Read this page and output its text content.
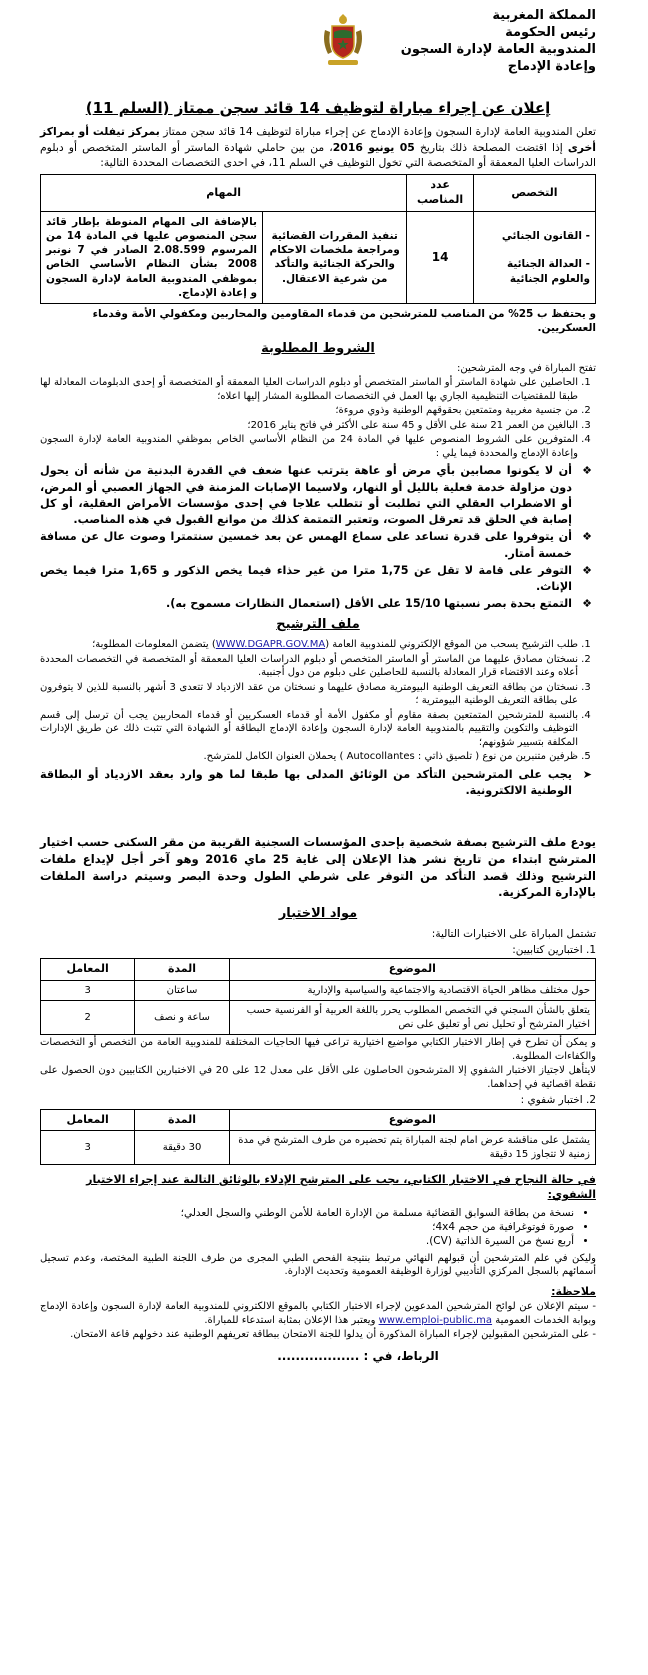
المملكة المغربية
رئيس الحكومة
المندوبية العامة لإدارة السجون
وإعادة الإدماج
إعلان عن إجراء مباراة لتوظيف 14 قائد سجن ممتاز (السلم 11)

تعلن المندوبية العامة لإدارة السجون وإعادة الإدماج عن إجراء مباراة لتوظيف 14 قائد سجن ممتاز بمركز تيفلت أو بمراكز أخرى إذا اقتضت المصلحة ذلك بتاريخ 05 يونيو 2016، من بين حاملي شهادة الماستر أو الماستر المتخصص أو دبلوم الدراسات العليا المعمقة أو المتخصصة التي تخول التوظيف في السلم 11، في احدى التخصصات المحددة التالية:

التخصص	عدد المناصب	المهام	
- القانون الجنائي

- العدالة الجنائية والعلوم الجنائية	14	تنفيذ المقررات القضائية ومراجعة ملخصات الاحكام والحركة الجنائية والتأكد من شرعية الاعتقال.	بالإضافة الى المهام المنوطة بإطار قائد سجن المنصوص عليها في المادة 14 من المرسوم 2.08.599 الصادر في 7 نونبر 2008 بشأن النظام الأساسي الخاص بموظفي المندوبية العامة لإدارة السجون و إعادة الإدماج.
و يحتفظ ب 25% من المناصب للمترشحين من قدماء المقاومين والمحاربين ومكفولي الأمة وقدماء العسكريين.
الشروط المطلوبة
تفتح المباراة في وجه المترشحين:
1. الحاصلين على شهادة الماستر أو الماستر المتخصص أو دبلوم الدراسات العليا المعمقة أو المتخصصة أو إحدى الدبلومات المعادلة لها طبقا للمقتضيات التنظيمية الجاري بها العمل في التخصصات المطلوبة المشار إليها اعلاه؛
2. من جنسية مغربية ومتمتعين بحقوقهم الوطنية وذوي مروءة؛
3. البالغين من العمر 21 سنة على الأقل و 45 سنة على الأكثر في فاتح يناير 2016؛
4. المتوفرين على الشروط المنصوص عليها في المادة 24 من النظام الأساسي الخاص بموظفي المندوبية العامة لإدارة السجون وإعادة الإدماج والمحددة فيما يلي :
❖
أن لا يكونوا مصابين بأي مرض أو عاهة يترتب عنها ضعف في القدرة البدنية من شأنه أن يحول دون مزاولة خدمة فعلية بالليل أو النهار، ولاسيما الإصابات المزمنة في الجهاز العصبي أو المرض، أو الاضطراب العقلي التي تطلبت أو تتطلب علاجا في إحدى مؤسسات الأمراض العقلية، أو كل إصابة في الحلق قد تعرقل الصوت، وتعتبر التمتمة كذلك من موانع القبول في هذه المناصب.
❖
أن يتوفروا على قدرة تساعد على سماع الهمس عن بعد خمسين سنتمترا وصوت عال عن مسافة خمسة أمتار.
❖
التوفر على قامة لا تقل عن 1,75 مترا من غير حذاء فيما يخص الذكور و 1,65 مترا فيما يخص الإناث.
❖
التمتع بحدة بصر نسبتها 15/10 على الأقل (استعمال النظارات مسموح به).
ملف الترشيح
1. طلب الترشيح يسحب من الموقع الإلكتروني للمندوبية العامة (WWW.DGAPR.GOV.MA) يتضمن المعلومات المطلوبة؛
2. نسختان مصادق عليهما من الماستر أو الماستر المتخصص أو دبلوم الدراسات العليا المعمقة أو المتخصصة في التخصصات المحددة أعلاه وعند الاقتضاء قرار المعادلة بالنسبة للحاصلين على دبلوم من دول أجنبية.
3. نسختان من بطاقة التعريف الوطنية البيومترية مصادق عليهما و نسختان من عقد الازدياد لا تتعدى 3 أشهر بالنسبة للذين لا يتوفرون على بطاقة التعريف الوطنية البيومترية ؛
4. بالنسبة للمترشحين المتمتعين بصفة مقاوم أو مكفول الأمة أو قدماء العسكريين أو قدماء المحاربين يجب أن ترسل إلى قسم التوظيف والتكوين والتقييم بالمندوبية العامة لإدارة السجون وإعادة الإدماج البطاقة أو الشهادة التي تثبت ذلك عن طريق الإدارات المكلفة بتسيير شؤونهم؛
5. ظرفين متنبرين من نوع ( تلصيق ذاتي : Autocollantes ) يحملان العنوان الكامل للمترشح.
➤
يجب على المترشحين التأكد من الوثائق المدلى بها طبقا لما هو وارد بعقد الازدياد أو البطاقة الوطنية الالكترونية.
يودع ملف الترشيح بصفة شخصية بإحدى المؤسسات السجنية القريبة من مقر السكنى حسب اختيار المترشح ابتداء من تاريخ نشر هذا الإعلان إلى غاية 25 ماي 2016 وهو آخر أجل لإيداع ملفات الترشيح وذلك قصد التأكد من التوفر على شرطي الطول وحدة البصر وسيتم دراسة الملفات بالإدارة المركزية.
مواد الاختبار
تشتمل المباراة على الاختبارات التالية:
1. اختبارين كتابيين:
الموضوع	المدة	المعامل
حول مختلف مظاهر الحياة الاقتصادية والاجتماعية والسياسية والإدارية	ساعتان	3
يتعلق بالشأن السجني في التخصص المطلوب يحرر باللغة العربية أو الفرنسية حسب اختيار المترشح أو تحليل نص أو تعليق على نص	ساعة و نصف	2
و يمكن أن تطرح في إطار الاختبار الكتابي مواضيع اختيارية تراعى فيها الحاجيات المختلفة للمندوبية العامة من التخصص أو التخصصات والكفاءات المطلوبة.
لايتأهل لاجتياز الاختبار الشفوي إلا المترشحون الحاصلون على الأقل على معدل 12 على 20 في الاختبارين الكتابيين دون الحصول على نقطة اقصائية في إحداهما.
2. اختبار شفوي :
الموضوع	المدة	المعامل
يشتمل على مناقشة عرض امام لجنة المباراة يتم تحضيره من طرف المترشح في مدة زمنية لا تتجاوز 15 دقيقة	30 دقيقة	3
في حالة النجاح في الاختبار الكتابي، يجب على المترشح الإدلاء بالوثائق التالية عند إجراء الاختبار الشفوي:
• نسخة من بطاقة السوابق القضائية مسلمة من الإدارة العامة للأمن الوطني والسجل العدلي؛
• صورة فوتوغرافية من حجم 4x4؛
• أربع نسخ من السيرة الذاتية (CV).
وليكن في علم المترشحين أن قبولهم النهائي مرتبط بنتيجة الفحص الطبي المجرى من طرف اللجنة الطبية المختصة، وعدم تسجيل أسمائهم بالسجل المركزي التأديبي لوزارة الوظيفة العمومية وتحديث الإدارة.
ملاحظة:
- سيتم الإعلان عن لوائح المترشحين المدعوين لإجراء الاختبار الكتابي بالموقع الالكتروني للمندوبية العامة لإدارة السجون وإعادة الإدماج وبوابة الخدمات العمومية www.emploi-public.ma ويعتبر هذا الإعلان بمثابة استدعاء للمباراة.
- على المترشحين المقبولين لإجراء المباراة المذكورة أن يدلوا للجنة الامتحان ببطاقة تعريفهم الوطنية عند دخولهم قاعة الامتحان.
الرباط، في : ..................
